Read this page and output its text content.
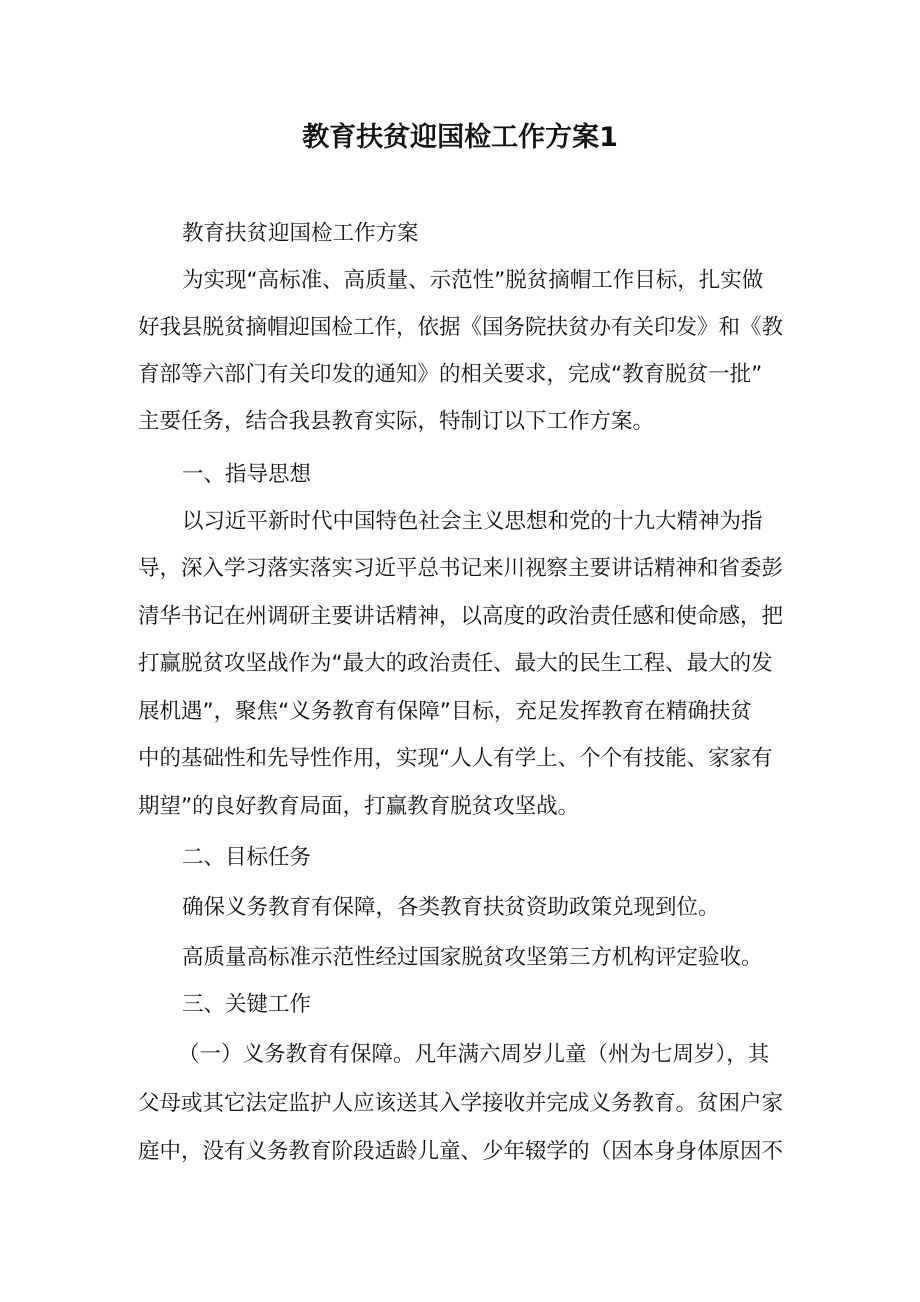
教育扶贫迎国检工作方案1
教育扶贫迎国检工作方案
为实现“高标准、高质量、示范性”脱贫摘帽工作目标，扎实做
好我县脱贫摘帽迎国检工作，依据《国务院扶贫办有关印发》和《教
育部等六部门有关印发的通知》的相关要求，完成“教育脱贫一批”
主要任务，结合我县教育实际，特制订以下工作方案。
一、指导思想
以习近平新时代中国特色社会主义思想和党的十九大精神为指
导，深入学习落实落实习近平总书记来川视察主要讲话精神和省委彭
清华书记在州调研主要讲话精神，以高度的政治责任感和使命感，把
打赢脱贫攻坚战作为“最大的政治责任、最大的民生工程、最大的发
展机遇”，聚焦“义务教育有保障”目标，充足发挥教育在精确扶贫
中的基础性和先导性作用，实现“人人有学上、个个有技能、家家有
期望”的良好教育局面，打赢教育脱贫攻坚战。
二、目标任务
确保义务教育有保障，各类教育扶贫资助政策兑现到位。
高质量高标准示范性经过国家脱贫攻坚第三方机构评定验收。
三、关键工作
（一）义务教育有保障。凡年满六周岁儿童（州为七周岁），其
父母或其它法定监护人应该送其入学接收并完成义务教育。贫困户家
庭中，没有义务教育阶段适龄儿童、少年辍学的（因本身身体原因不
